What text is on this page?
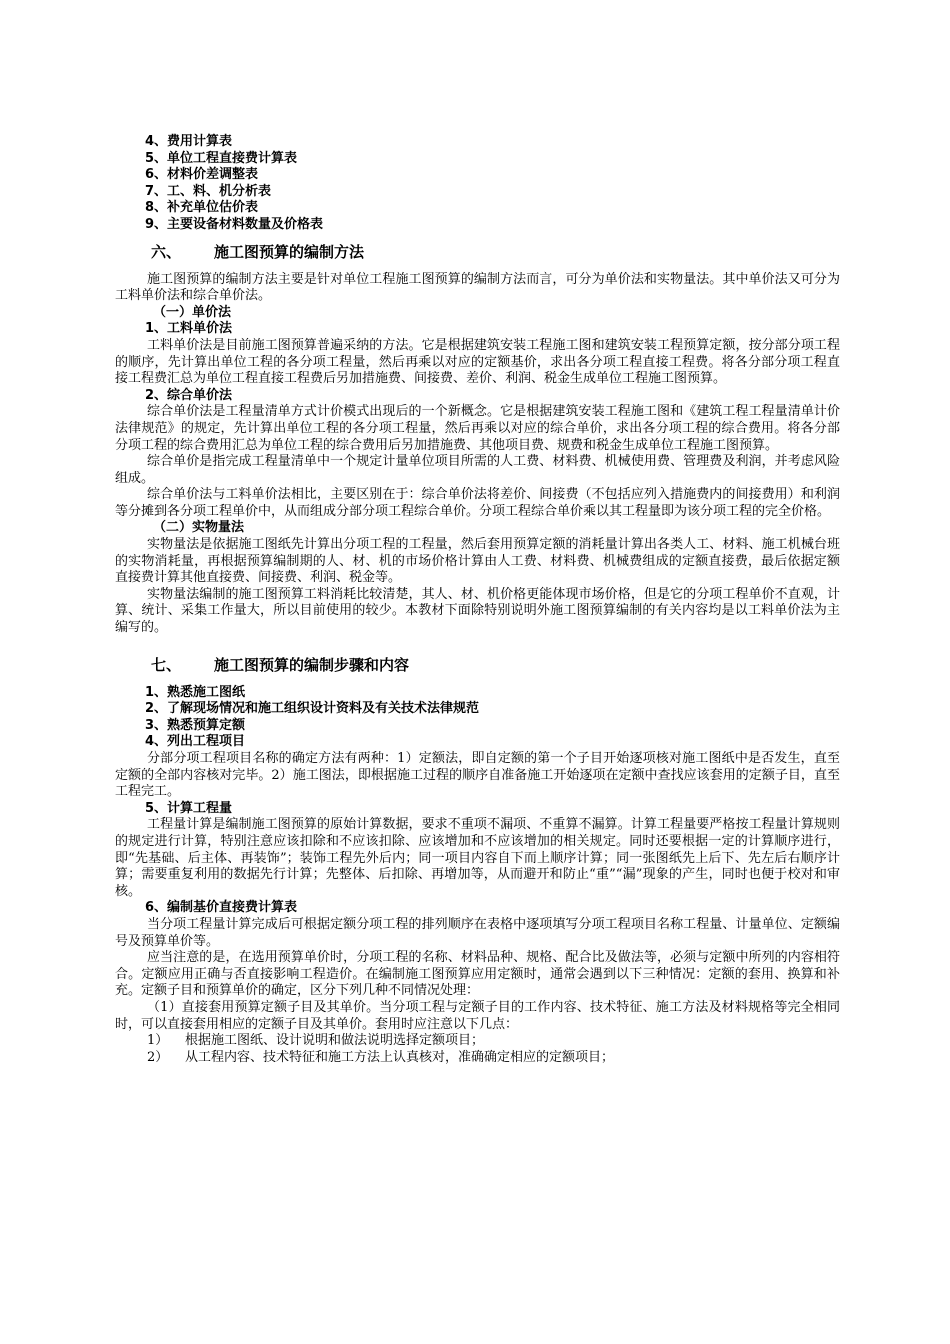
4、费用计算表
5、单位工程直接费计算表
6、材料价差调整表
7、工、料、机分析表
8、补充单位估价表
9、主要设备材料数量及价格表
六、 施工图预算的编制方法
施工图预算的编制方法主要是针对单位工程施工图预算的编制方法而言，可分为单价法和实物量法。其中单价法又可分为工料单价法和综合单价法。
（一）单价法
1、工料单价法
工料单价法是目前施工图预算普遍采纳的方法。它是根据建筑安装工程施工图和建筑安装工程预算定额，按分部分项工程的顺序，先计算出单位工程的各分项工程量，然后再乘以对应的定额基价，求出各分项工程直接工程费。将各分部分项工程直接工程费汇总为单位工程直接工程费后另加措施费、间接费、差价、利润、税金生成单位工程施工图预算。
2、综合单价法
综合单价法是工程量清单方式计价模式出现后的一个新概念。它是根据建筑安装工程施工图和《建筑工程工程量清单计价法律规范》的规定，先计算出单位工程的各分项工程量，然后再乘以对应的综合单价，求出各分项工程的综合费用。将各分部分项工程的综合费用汇总为单位工程的综合费用后另加措施费、其他项目费、规费和税金生成单位工程施工图预算。
综合单价是指完成工程量清单中一个规定计量单位项目所需的人工费、材料费、机械使用费、管理费及利润，并考虑风险组成。
综合单价法与工料单价法相比，主要区别在于：综合单价法将差价、间接费（不包括应列入措施费内的间接费用）和利润等分摊到各分项工程单价中，从而组成分部分项工程综合单价。分项工程综合单价乘以其工程量即为该分项工程的完全价格。
（二）实物量法
实物量法是依据施工图纸先计算出分项工程的工程量，然后套用预算定额的消耗量计算出各类人工、材料、施工机械台班的实物消耗量，再根据预算编制期的人、材、机的市场价格计算由人工费、材料费、机械费组成的定额直接费，最后依据定额直接费计算其他直接费、间接费、利润、税金等。
实物量法编制的施工图预算工料消耗比较清楚，其人、材、机价格更能体现市场价格，但是它的分项工程单价不直观，计算、统计、采集工作量大，所以目前使用的较少。本教材下面除特别说明外施工图预算编制的有关内容均是以工料单价法为主编写的。
七、 施工图预算的编制步骤和内容
1、熟悉施工图纸
2、了解现场情况和施工组织设计资料及有关技术法律规范
3、熟悉预算定额
4、列出工程项目
分部分项工程项目名称的确定方法有两种：1）定额法，即自定额的第一个子目开始逐项核对施工图纸中是否发生，直至定额的全部内容核对完毕。2）施工图法，即根据施工过程的顺序自准备施工开始逐项在定额中查找应该套用的定额子目，直至工程完工。
5、计算工程量
工程量计算是编制施工图预算的原始计算数据，要求不重项不漏项、不重算不漏算。计算工程量要严格按工程量计算规则的规定进行计算，特别注意应该扣除和不应该扣除、应该增加和不应该增加的相关规定。同时还要根据一定的计算顺序进行，即“先基础、后主体、再装饰”；装饰工程先外后内；同一项目内容自下而上顺序计算；同一张图纸先上后下、先左后右顺序计算；需要重复利用的数据先行计算；先整体、后扣除、再增加等，从而避开和防止“重”“漏”现象的产生，同时也便于校对和审核。
6、编制基价直接费计算表
当分项工程量计算完成后可根据定额分项工程的排列顺序在表格中逐项填写分项工程项目名称工程量、计量单位、定额编号及预算单价等。
应当注意的是，在选用预算单价时，分项工程的名称、材料品种、规格、配合比及做法等，必须与定额中所列的内容相符合。定额应用正确与否直接影响工程造价。在编制施工图预算应用定额时，通常会遇到以下三种情况：定额的套用、换算和补充。定额子目和预算单价的确定，区分下列几种不同情况处理：
（1）直接套用预算定额子目及其单价。当分项工程与定额子目的工作内容、技术特征、施工方法及材料规格等完全相同时，可以直接套用相应的定额子目及其单价。套用时应注意以下几点：
1） 根据施工图纸、设计说明和做法说明选择定额项目；
2） 从工程内容、技术特征和施工方法上认真核对，准确确定相应的定额项目；
